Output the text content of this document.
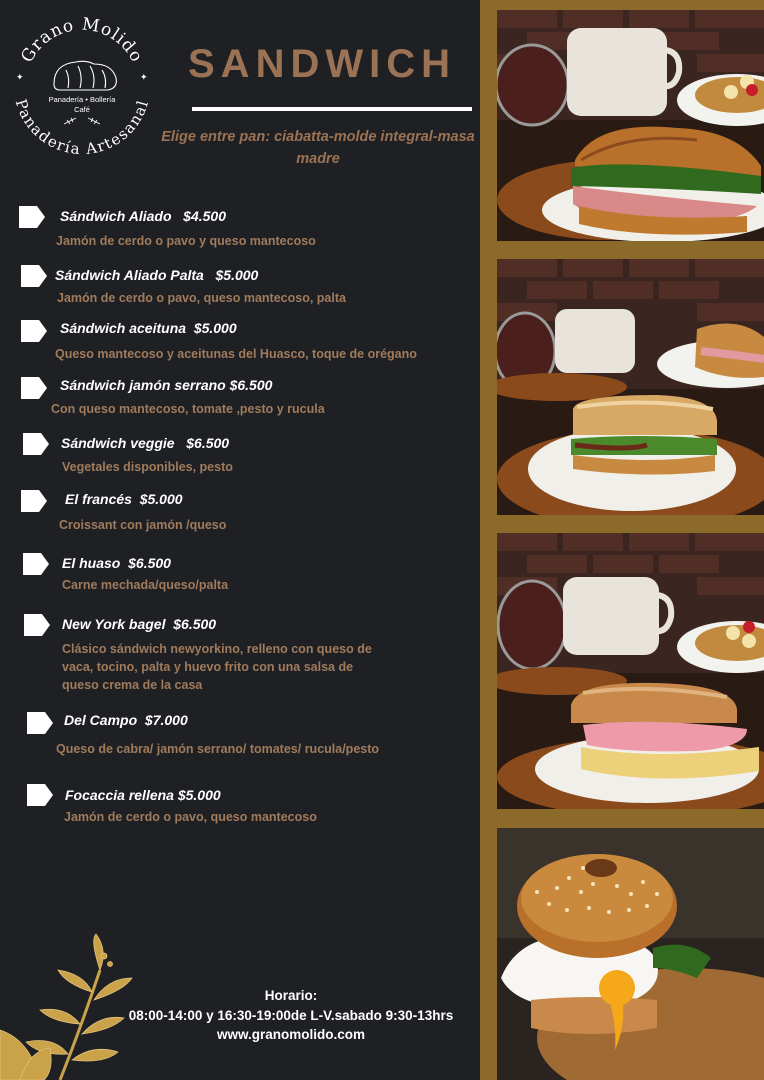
Grano Molido
Panadería Artesanal
✦	✦
Panadería • Bollería
Café
SANDWICH
Elige entre pan: ciabatta-molde integral-masa madre
Sándwich Aliado   $4.500
Jamón de cerdo o pavo y queso mantecoso
Sándwich Aliado Palta   $5.000
Jamón de cerdo o pavo, queso mantecoso, palta
Sándwich aceituna  $5.000
Queso mantecoso y aceitunas del Huasco, toque de orégano
Sándwich jamón serrano $6.500
Con queso mantecoso, tomate ,pesto y rucula
Sándwich veggie   $6.500
Vegetales disponibles, pesto
El francés  $5.000
Croissant con jamón /queso
El huaso  $6.500
Carne mechada/queso/palta
New York bagel  $6.500
Clásico sándwich newyorkino, relleno con queso de
vaca, tocino, palta y huevo frito con una salsa de
queso crema de la casa
Del Campo  $7.000
Queso de cabra/ jamón serrano/ tomates/ rucula/pesto
Focaccia rellena $5.000
Jamón de cerdo o pavo, queso mantecoso
Horario:
08:00-14:00 y 16:30-19:00de L-V.sabado 9:30-13hrs
www.granomolido.com
